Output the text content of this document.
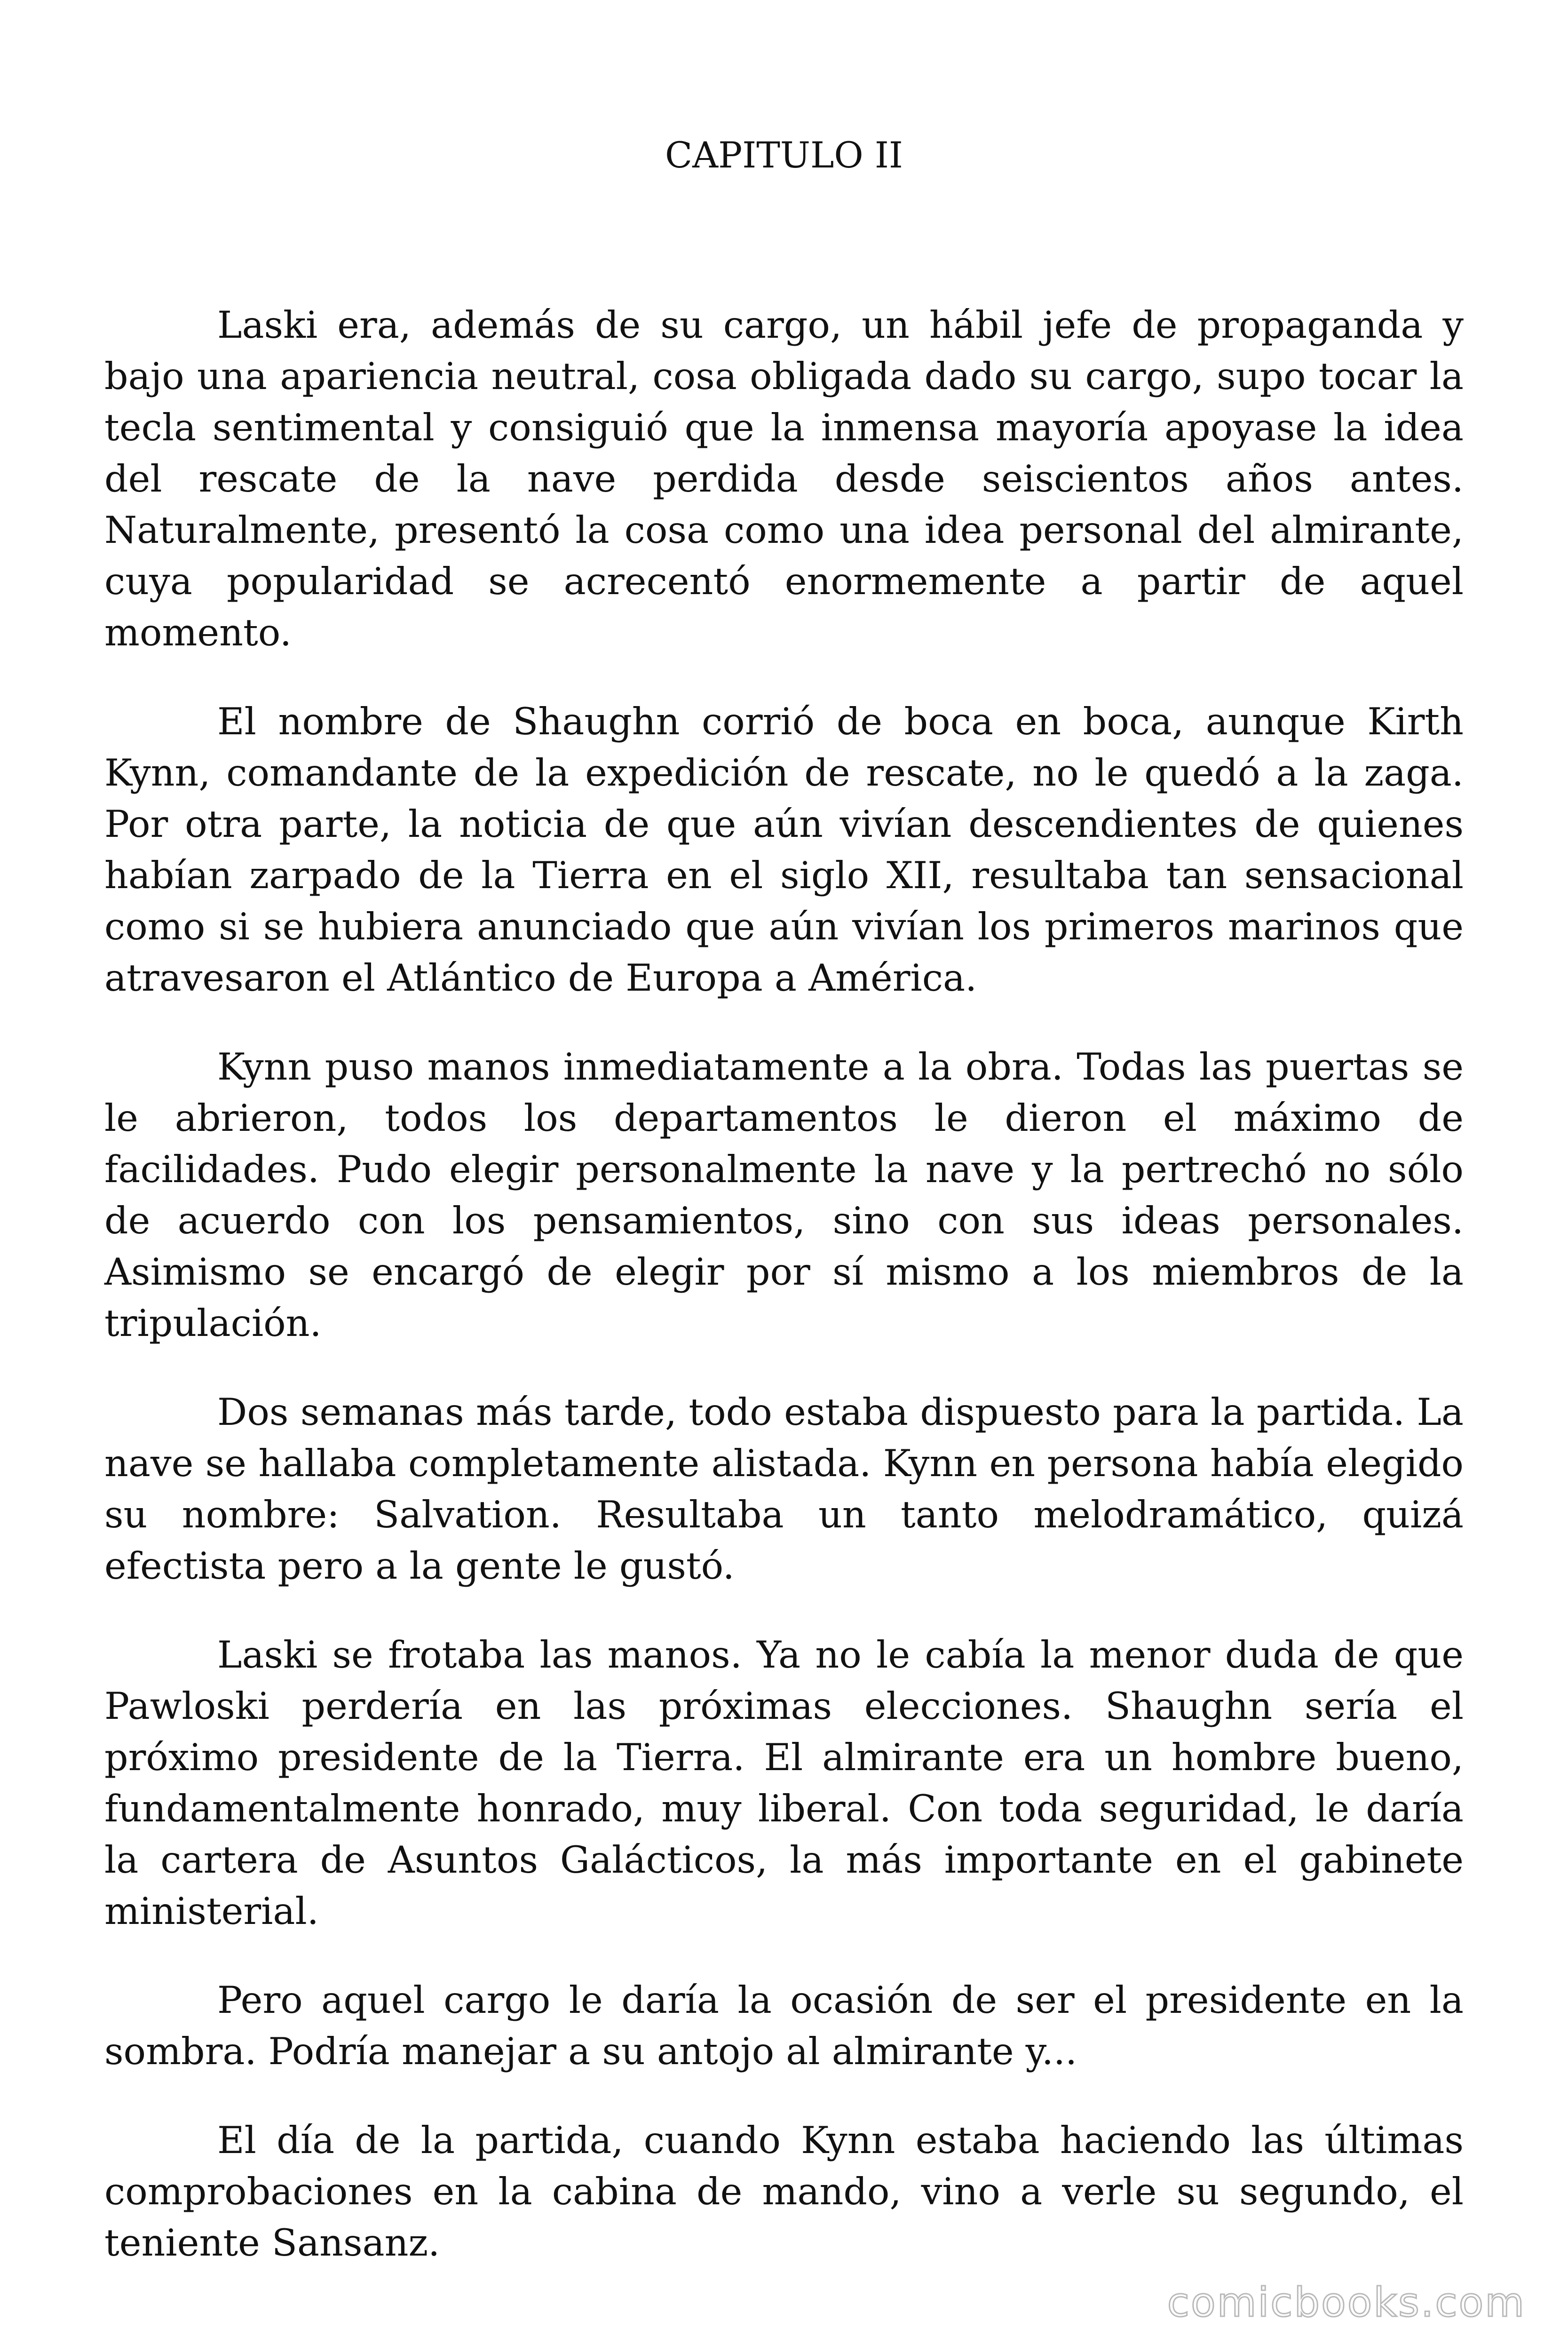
CAPITULO II

Laski era, además de su cargo, un hábil jefe de propaganda y bajo una apariencia neutral, cosa obligada dado su cargo, supo tocar la tecla sentimental y consiguió que la inmensa mayoría apoyase la idea del rescate de la nave perdida desde seiscientos años antes. Naturalmente, presentó la cosa como una idea personal del almirante, cuya popularidad se acrecentó enormemente a partir de aquel momento.

El nombre de Shaughn corrió de boca en boca, aunque Kirth Kynn, comandante de la expedición de rescate, no le quedó a la zaga. Por otra parte, la noticia de que aún vivían descendientes de quienes habían zarpado de la Tierra en el siglo XII, resultaba tan sensacional como si se hubiera anunciado que aún vivían los primeros marinos que atravesaron el Atlántico de Europa a América.

Kynn puso manos inmediatamente a la obra. Todas las puertas se le abrieron, todos los departamentos le dieron el máximo de facilidades. Pudo elegir personalmente la nave y la pertrechó no sólo de acuerdo con los pensamientos, sino con sus ideas personales. Asimismo se encargó de elegir por sí mismo a los miembros de la tripulación.

Dos semanas más tarde, todo estaba dispuesto para la partida. La nave se hallaba completamente alistada. Kynn en persona había elegido su nombre: Salvation. Resultaba un tanto melodramático, quizá efectista pero a la gente le gustó.

Laski se frotaba las manos. Ya no le cabía la menor duda de que Pawloski perdería en las próximas elecciones. Shaughn sería el próximo presidente de la Tierra. El almirante era un hombre bueno, fundamentalmente honrado, muy liberal. Con toda seguridad, le daría la cartera de Asuntos Galácticos, la más importante en el gabinete ministerial.

Pero aquel cargo le daría la ocasión de ser el presidente en la sombra. Podría manejar a su antojo al almirante y...

El día de la partida, cuando Kynn estaba haciendo las últimas comprobaciones en la cabina de mando, vino a verle su segundo, el teniente Sansanz.

comicbooks.com
